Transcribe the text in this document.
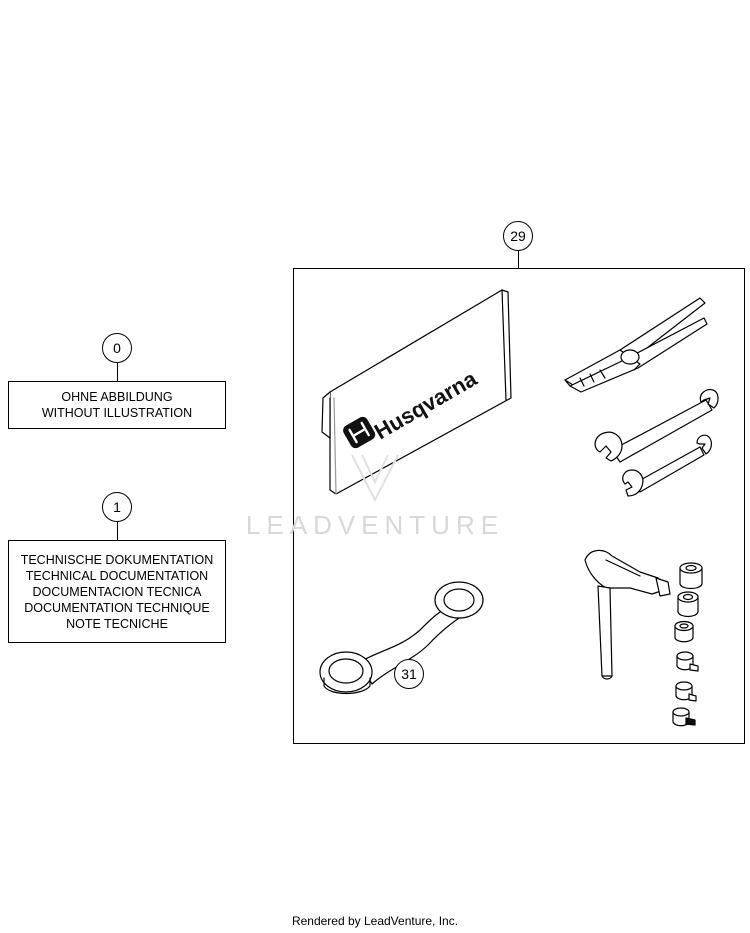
0
OHNE ABBILDUNG
WITHOUT ILLUSTRATION
1
TECHNISCHE DOKUMENTATION
TECHNICAL DOCUMENTATION
DOCUMENTACION TECNICA
DOCUMENTATION TECHNIQUE
NOTE TECNICHE
29
Husqvarna
31
LEADVENTURE
Rendered by LeadVenture, Inc.
